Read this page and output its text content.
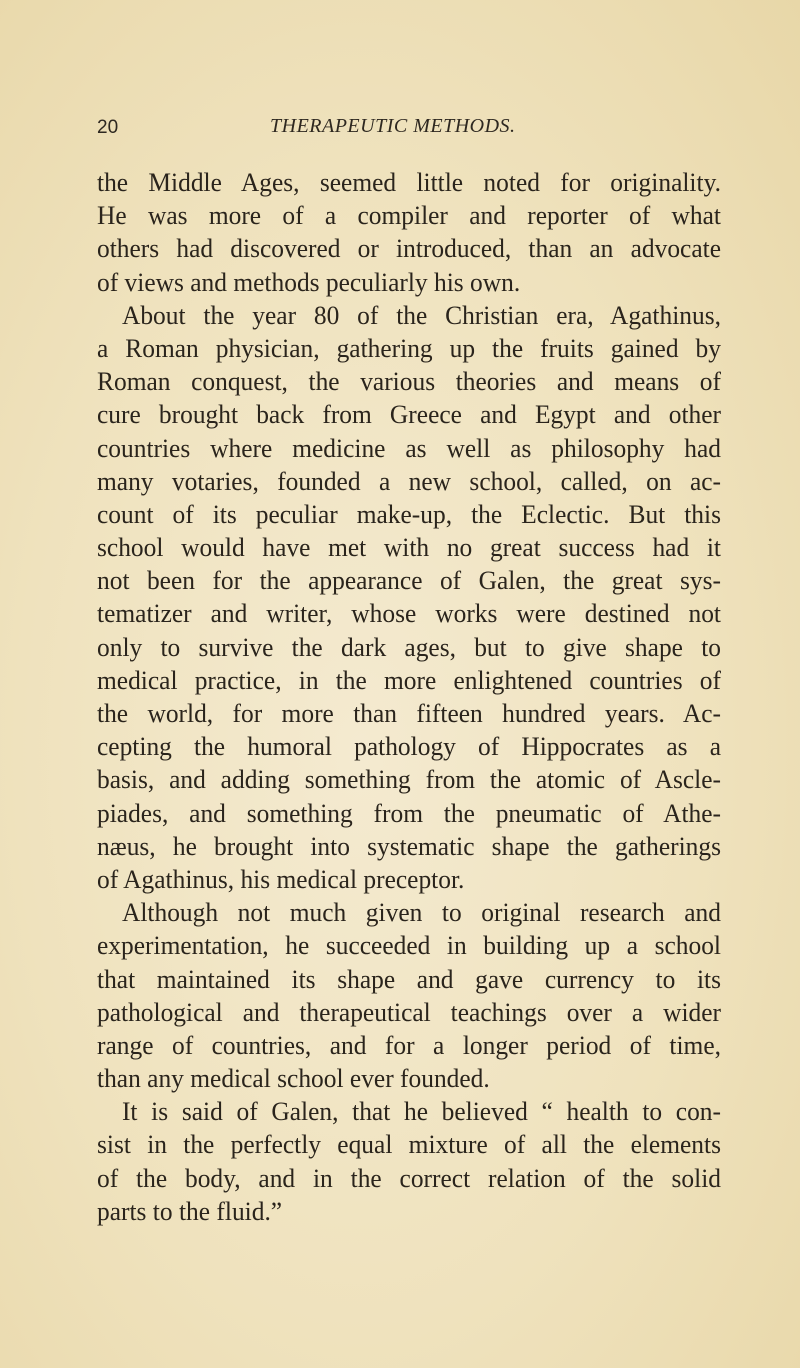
20	THERAPEUTIC METHODS.
the Middle Ages, seemed little noted for originality.
He was more of a compiler and reporter of what
others had discovered or introduced, than an advocate
of views and methods peculiarly his own.
About the year 80 of the Christian era, Agathinus,
a Roman physician, gathering up the fruits gained by
Roman conquest, the various theories and means of
cure brought back from Greece and Egypt and other
countries where medicine as well as philosophy had
many votaries, founded a new school, called, on ac-
count of its peculiar make-up, the Eclectic. But this
school would have met with no great success had it
not been for the appearance of Galen, the great sys-
tematizer and writer, whose works were destined not
only to survive the dark ages, but to give shape to
medical practice, in the more enlightened countries of
the world, for more than fifteen hundred years. Ac-
cepting the humoral pathology of Hippocrates as a
basis, and adding something from the atomic of Ascle-
piades, and something from the pneumatic of Athe-
næus, he brought into systematic shape the gatherings
of Agathinus, his medical preceptor.
Although not much given to original research and
experimentation, he succeeded in building up a school
that maintained its shape and gave currency to its
pathological and therapeutical teachings over a wider
range of countries, and for a longer period of time,
than any medical school ever founded.
It is said of Galen, that he believed “ health to con-
sist in the perfectly equal mixture of all the elements
of the body, and in the correct relation of the solid
parts to the fluid.”
